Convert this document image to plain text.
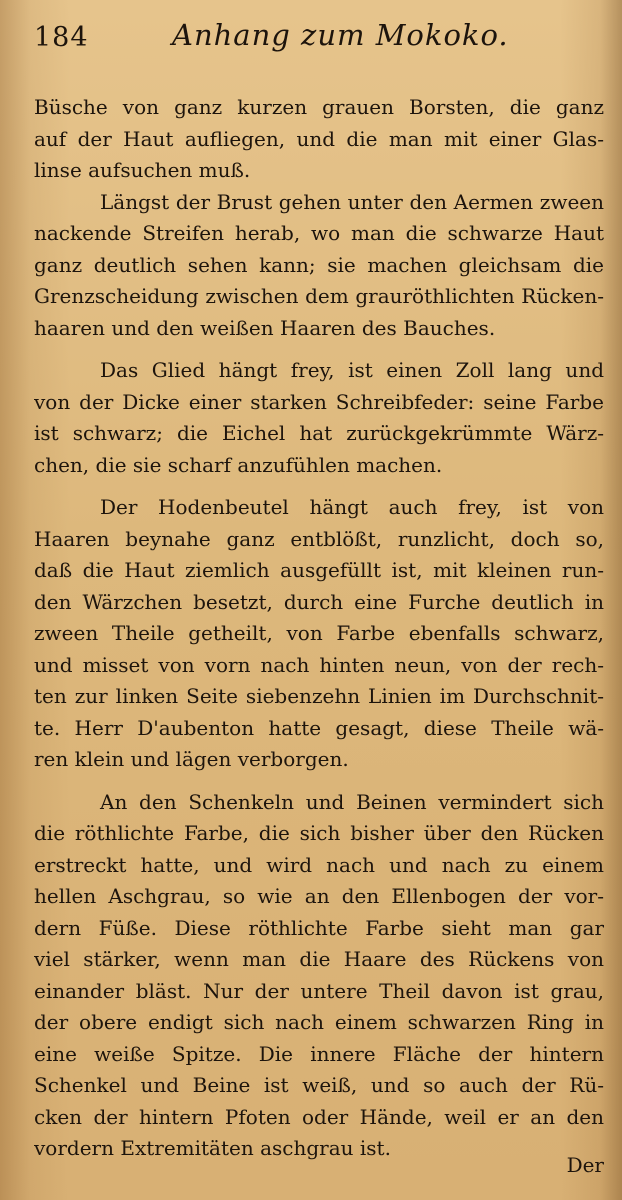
184	Anhang zum Mokoko.
Büsche von ganz kurzen grauen Borsten, die ganz
auf der Haut aufliegen, und die man mit einer Glas-
linse aufsuchen muß.
Längst der Brust gehen unter den Aermen zween
nackende Streifen herab, wo man die schwarze Haut
ganz deutlich sehen kann; sie machen gleichsam die
Grenzscheidung zwischen dem grauröthlichten Rücken-
haaren und den weißen Haaren des Bauches.
Das Glied hängt frey, ist einen Zoll lang und
von der Dicke einer starken Schreibfeder: seine Farbe
ist schwarz; die Eichel hat zurückgekrümmte Wärz-
chen, die sie scharf anzufühlen machen.
Der Hodenbeutel hängt auch frey, ist von
Haaren beynahe ganz entblößt, runzlicht, doch so,
daß die Haut ziemlich ausgefüllt ist, mit kleinen run-
den Wärzchen besetzt, durch eine Furche deutlich in
zween Theile getheilt, von Farbe ebenfalls schwarz,
und misset von vorn nach hinten neun, von der rech-
ten zur linken Seite siebenzehn Linien im Durchschnit-
te. Herr D'aubenton hatte gesagt, diese Theile wä-
ren klein und lägen verborgen.
An den Schenkeln und Beinen vermindert sich
die röthlichte Farbe, die sich bisher über den Rücken
erstreckt hatte, und wird nach und nach zu einem
hellen Aschgrau, so wie an den Ellenbogen der vor-
dern Füße. Diese röthlichte Farbe sieht man gar
viel stärker, wenn man die Haare des Rückens von
einander bläst. Nur der untere Theil davon ist grau,
der obere endigt sich nach einem schwarzen Ring in
eine weiße Spitze. Die innere Fläche der hintern
Schenkel und Beine ist weiß, und so auch der Rü-
cken der hintern Pfoten oder Hände, weil er an den
vordern Extremitäten aschgrau ist.
Der
